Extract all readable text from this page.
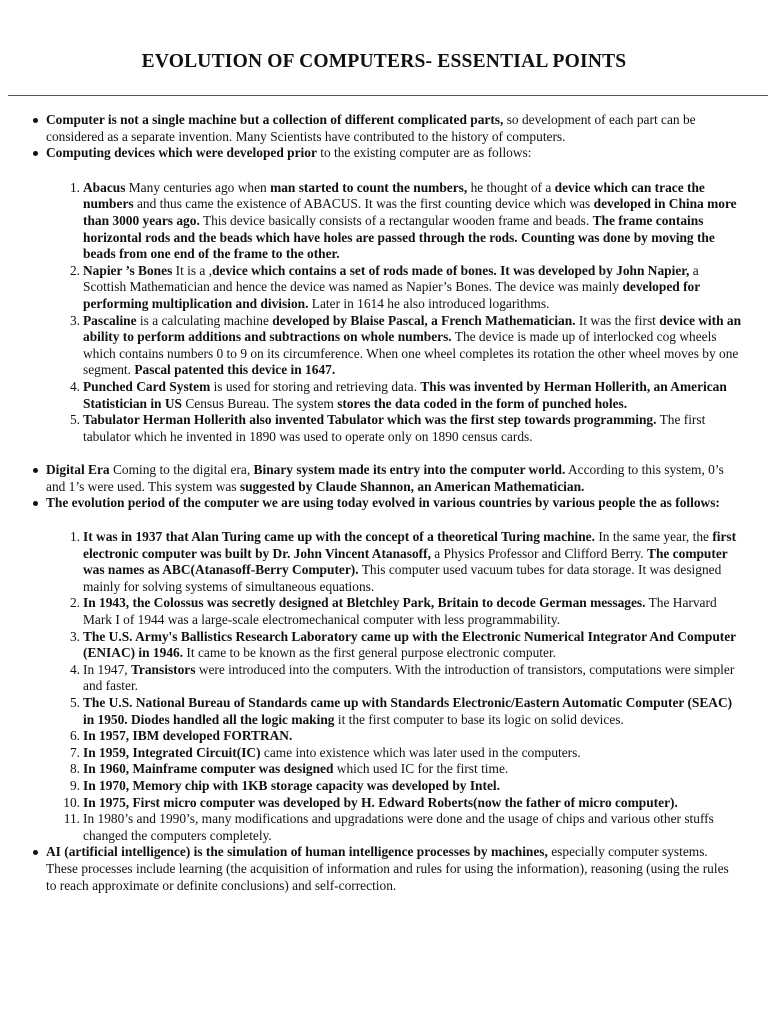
EVOLUTION OF COMPUTERS- ESSENTIAL POINTS

Computer is not a single machine but a collection of different complicated parts, so development of each part can be considered as a separate invention. Many Scientists have contributed to the history of computers.

Computing devices which were developed prior to the existing computer are as follows:

1. Abacus Many centuries ago when man started to count the numbers, he thought of a device which can trace the numbers and thus came the existence of ABACUS. It was the first counting device which was developed in China more than 3000 years ago. This device basically consists of a rectangular wooden frame and beads. The frame contains horizontal rods and the beads which have holes are passed through the rods. Counting was done by moving the beads from one end of the frame to the other.
2. Napier ’s Bones It is a ,device which contains a set of rods made of bones. It was developed by John Napier, a Scottish Mathematician and hence the device was named as Napier’s Bones. The device was mainly developed for performing multiplication and division. Later in 1614 he also introduced logarithms.
3. Pascaline is a calculating machine developed by Blaise Pascal, a French Mathematician. It was the first device with an ability to perform additions and subtractions on whole numbers. The device is made up of interlocked cog wheels which contains numbers 0 to 9 on its circumference. When one wheel completes its rotation the other wheel moves by one segment. Pascal patented this device in 1647.
4. Punched Card System is used for storing and retrieving data. This was invented by Herman Hollerith, an American Statistician in US Census Bureau. The system stores the data coded in the form of punched holes.
5. Tabulator Herman Hollerith also invented Tabulator which was the first step towards programming. The first tabulator which he invented in 1890 was used to operate only on 1890 census cards.

Digital Era Coming to the digital era, Binary system made its entry into the computer world. According to this system, 0’s and 1’s were used. This system was suggested by Claude Shannon, an American Mathematician.

The evolution period of the computer we are using today evolved in various countries by various people the as follows:

1. It was in 1937 that Alan Turing came up with the concept of a theoretical Turing machine. In the same year, the first electronic computer was built by Dr. John Vincent Atanasoff, a Physics Professor and Clifford Berry. The computer was names as ABC(Atanasoff-Berry Computer). This computer used vacuum tubes for data storage. It was designed mainly for solving systems of simultaneous equations.
2. In 1943, the Colossus was secretly designed at Bletchley Park, Britain to decode German messages. The Harvard Mark I of 1944 was a large-scale electromechanical computer with less programmability.
3. The U.S. Army's Ballistics Research Laboratory came up with the Electronic Numerical Integrator And Computer (ENIAC) in 1946. It came to be known as the first general purpose electronic computer.
4. In 1947, Transistors were introduced into the computers. With the introduction of transistors, computations were simpler and faster.
5. The U.S. National Bureau of Standards came up with Standards Electronic/Eastern Automatic Computer (SEAC) in 1950. Diodes handled all the logic making it the first computer to base its logic on solid devices.
6. In 1957, IBM developed FORTRAN.
7. In 1959, Integrated Circuit(IC) came into existence which was later used in the computers.
8. In 1960, Mainframe computer was designed which used IC for the first time.
9. In 1970, Memory chip with 1KB storage capacity was developed by Intel.
10. In 1975, First micro computer was developed by H. Edward Roberts(now the father of micro computer).
11. In 1980’s and 1990’s, many modifications and upgradations were done and the usage of chips and various other stuffs changed the computers completely.

AI (artificial intelligence) is the simulation of human intelligence processes by machines, especially computer systems. These processes include learning (the acquisition of information and rules for using the information), reasoning (using the rules to reach approximate or definite conclusions) and self-correction.
